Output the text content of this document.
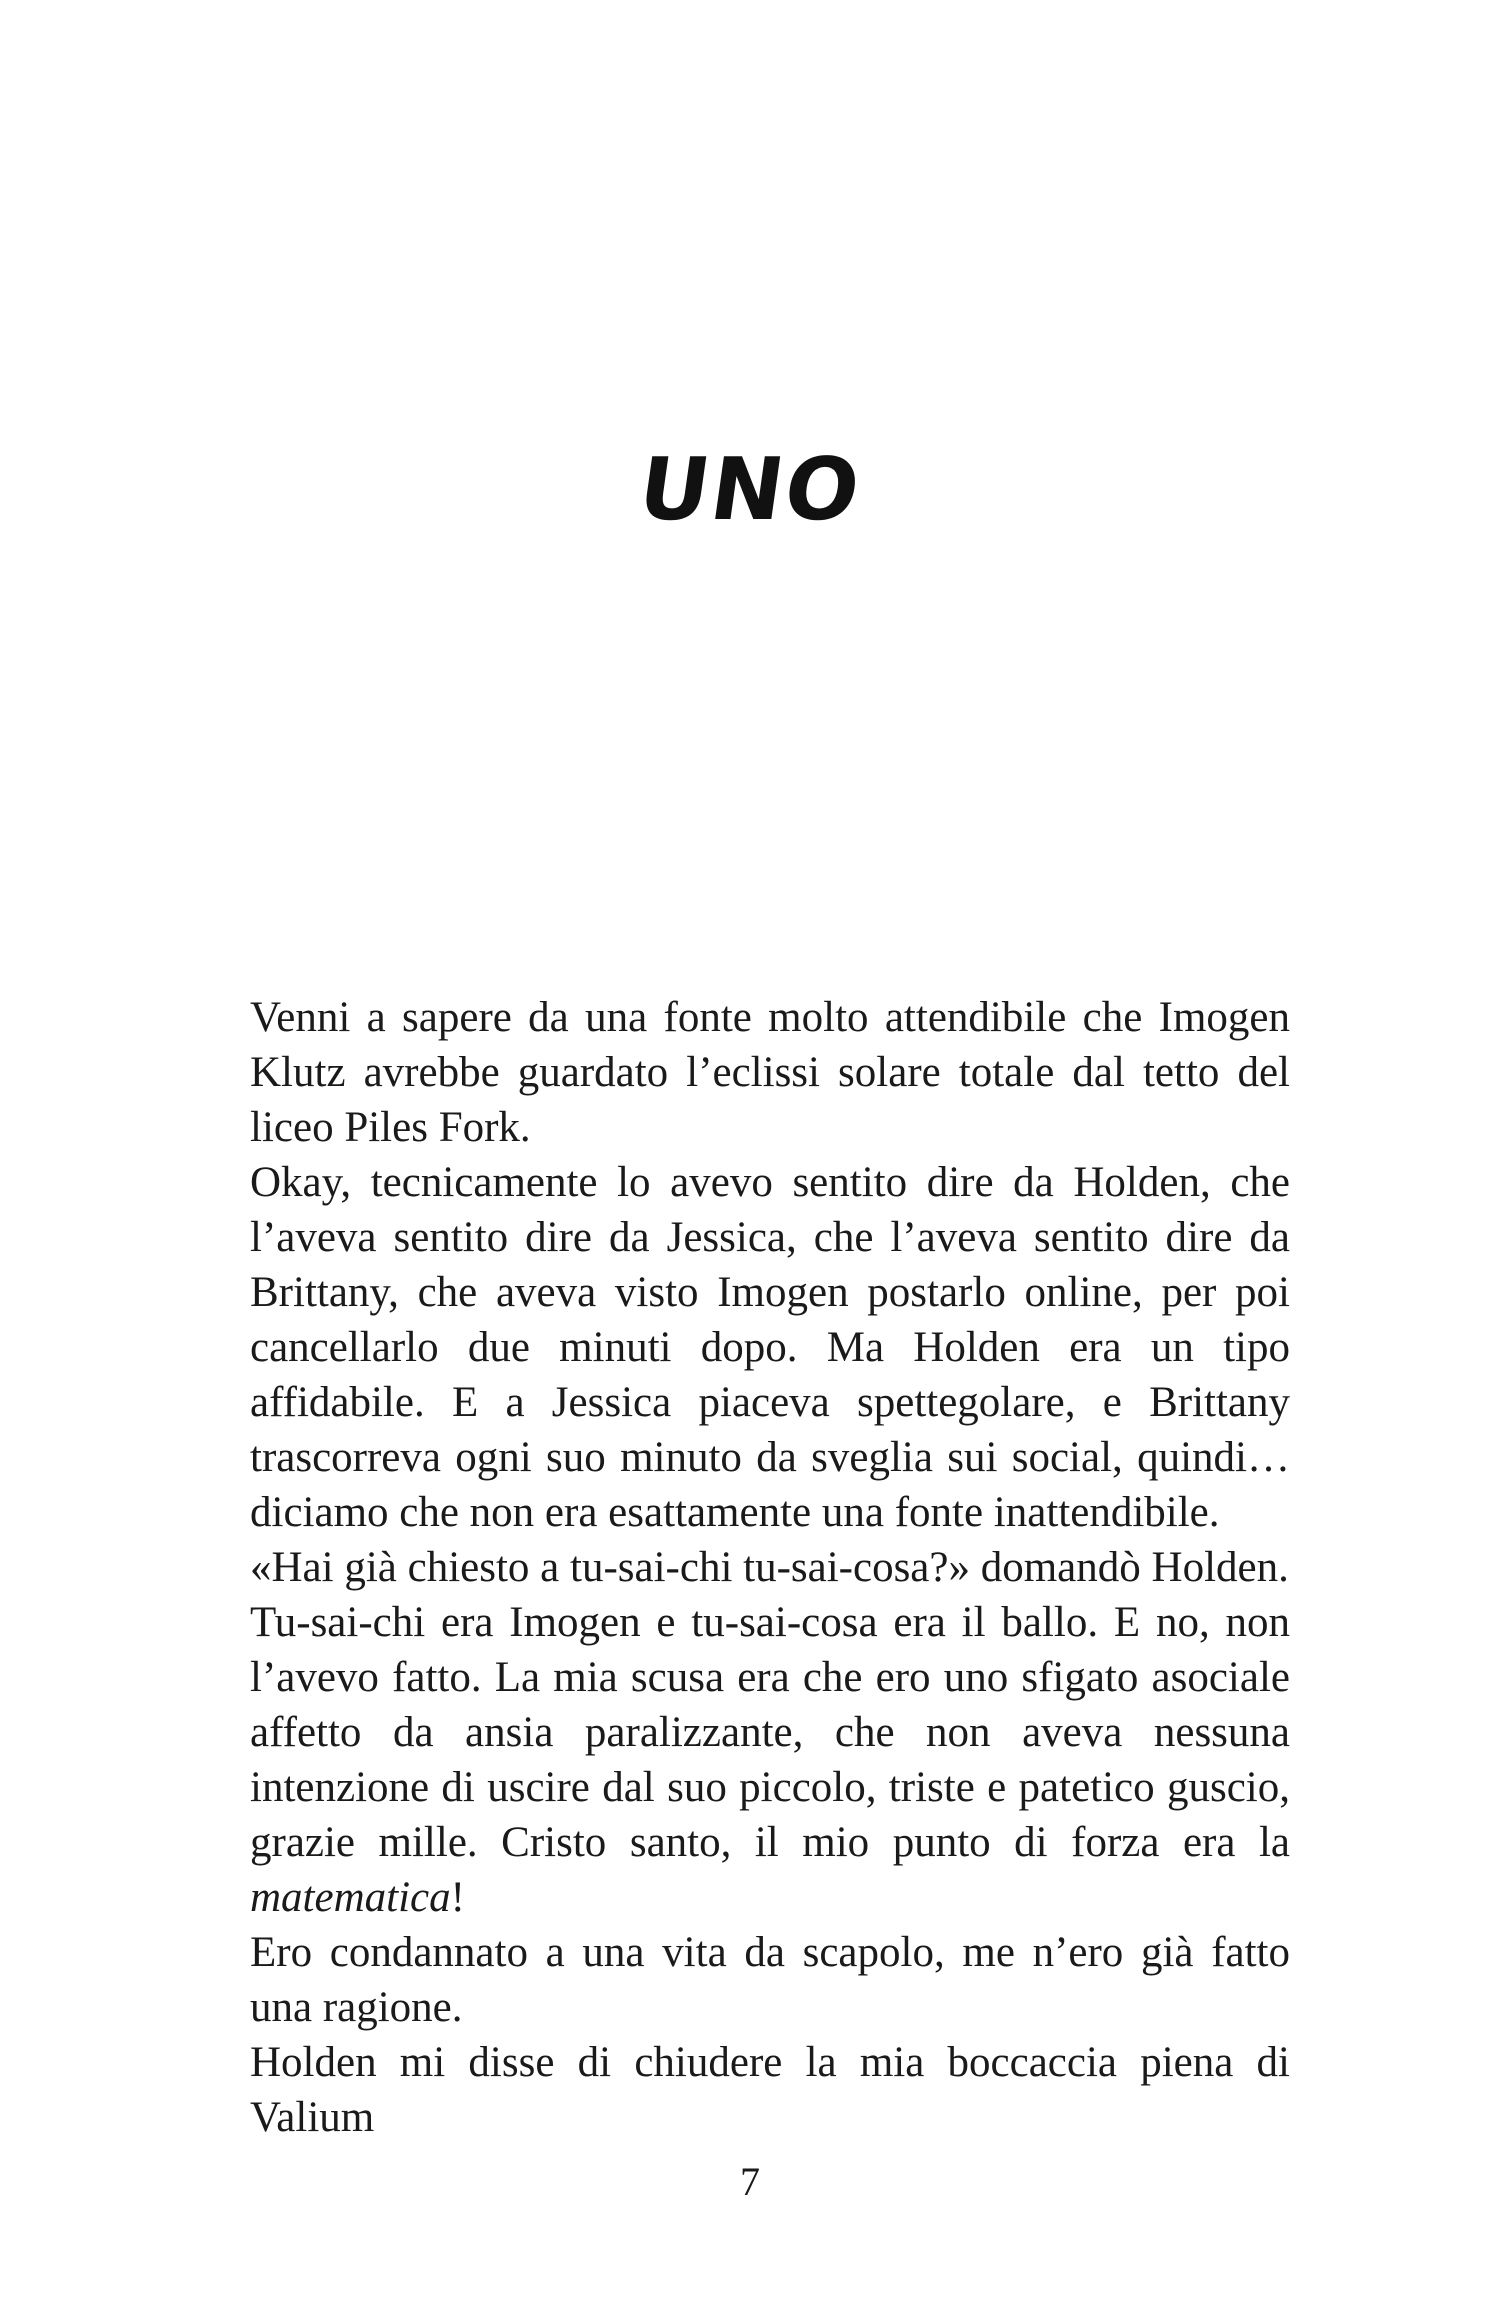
UNO

Venni a sapere da una fonte molto attendibile che Imogen Klutz avrebbe guardato l’eclissi solare totale dal tetto del liceo Piles Fork.

Okay, tecnicamente lo avevo sentito dire da Holden, che l’aveva sentito dire da Jessica, che l’aveva sentito dire da Brittany, che aveva visto Imogen postarlo online, per poi cancellarlo due minuti dopo. Ma Holden era un tipo affidabile. E a Jessica piaceva spettegolare, e Brittany trascorreva ogni suo minuto da sveglia sui social, quindi… diciamo che non era esattamente una fonte inattendibile.

«Hai già chiesto a tu-sai-chi tu-sai-cosa?» domandò Holden.

Tu-sai-chi era Imogen e tu-sai-cosa era il ballo. E no, non l’avevo fatto. La mia scusa era che ero uno sfigato asociale affetto da ansia paralizzante, che non aveva nessuna intenzione di uscire dal suo piccolo, triste e patetico guscio, grazie mille. Cristo santo, il mio punto di forza era la matematica!

Ero condannato a una vita da scapolo, me n’ero già fatto una ragione.

Holden mi disse di chiudere la mia boccaccia piena di Valium

7
